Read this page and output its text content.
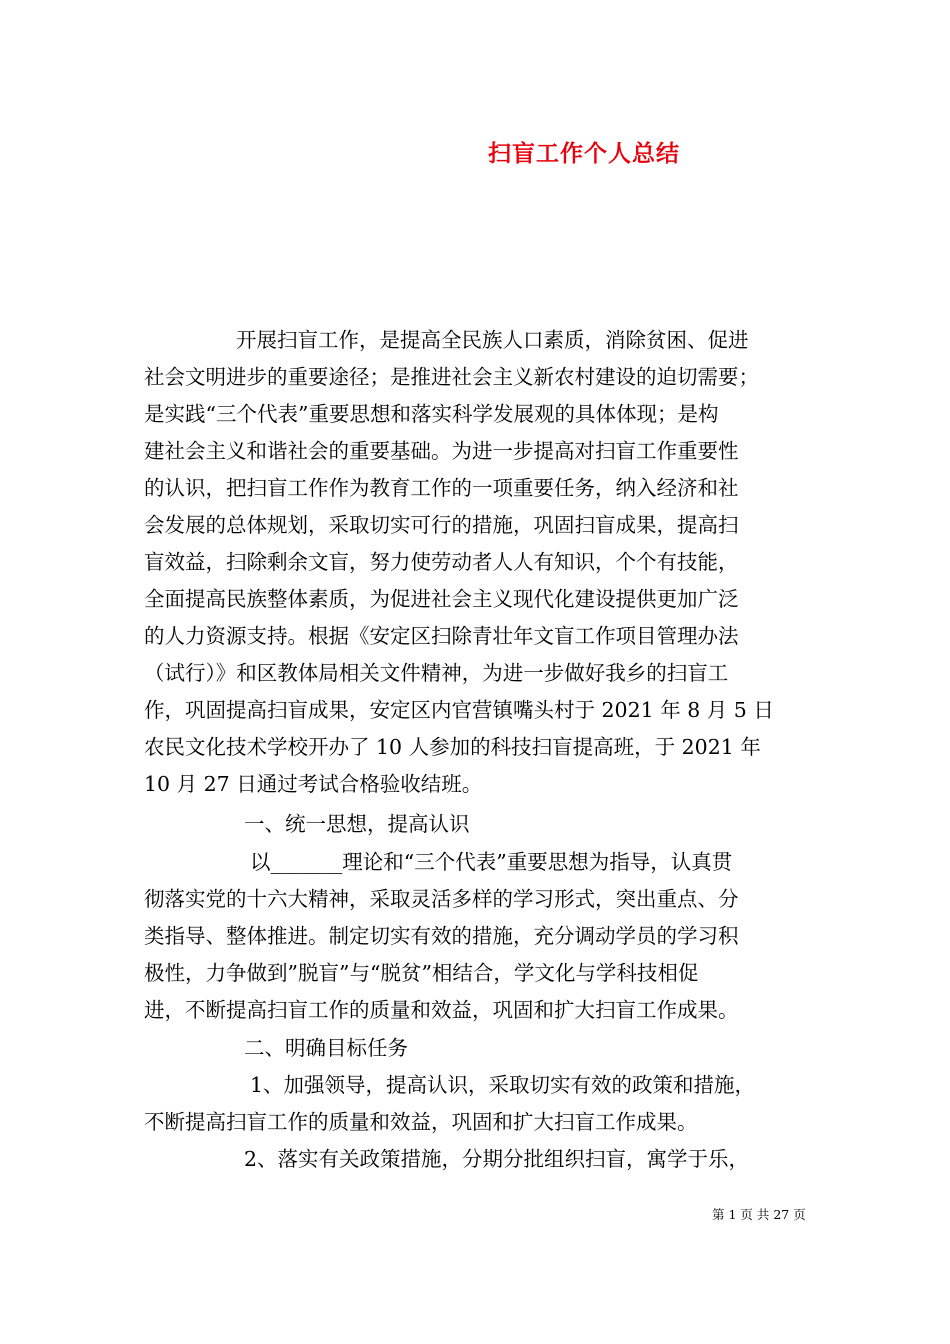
扫盲工作个人总结
开展扫盲工作，是提高全民族人口素质，消除贫困、促进
社会文明进步的重要途径；是推进社会主义新农村建设的迫切需要；
是实践“三个代表”重要思想和落实科学发展观的具体体现；是构
建社会主义和谐社会的重要基础。为进一步提高对扫盲工作重要性
的认识，把扫盲工作作为教育工作的一项重要任务，纳入经济和社
会发展的总体规划，采取切实可行的措施，巩固扫盲成果，提高扫
盲效益，扫除剩余文盲，努力使劳动者人人有知识，个个有技能，
全面提高民族整体素质，为促进社会主义现代化建设提供更加广泛
的人力资源支持。根据《安定区扫除青壮年文盲工作项目管理办法
（试行）》和区教体局相关文件精神，为进一步做好我乡的扫盲工
作，巩固提高扫盲成果，安定区内官营镇嘴头村于 2021 年 8 月 5 日
农民文化技术学校开办了 10 人参加的科技扫盲提高班，于 2021 年
10 月 27 日通过考试合格验收结班。
一、统一思想，提高认识
以_______理论和“三个代表”重要思想为指导，认真贯
彻落实党的十六大精神，采取灵活多样的学习形式，突出重点、分
类指导、整体推进。制定切实有效的措施，充分调动学员的学习积
极性，力争做到”脱盲”与“脱贫”相结合，学文化与学科技相促
进，不断提高扫盲工作的质量和效益，巩固和扩大扫盲工作成果。
二、明确目标任务
1、加强领导，提高认识，采取切实有效的政策和措施，
不断提高扫盲工作的质量和效益，巩固和扩大扫盲工作成果。
2、落实有关政策措施，分期分批组织扫盲，寓学于乐，
第 1 页 共 27 页
